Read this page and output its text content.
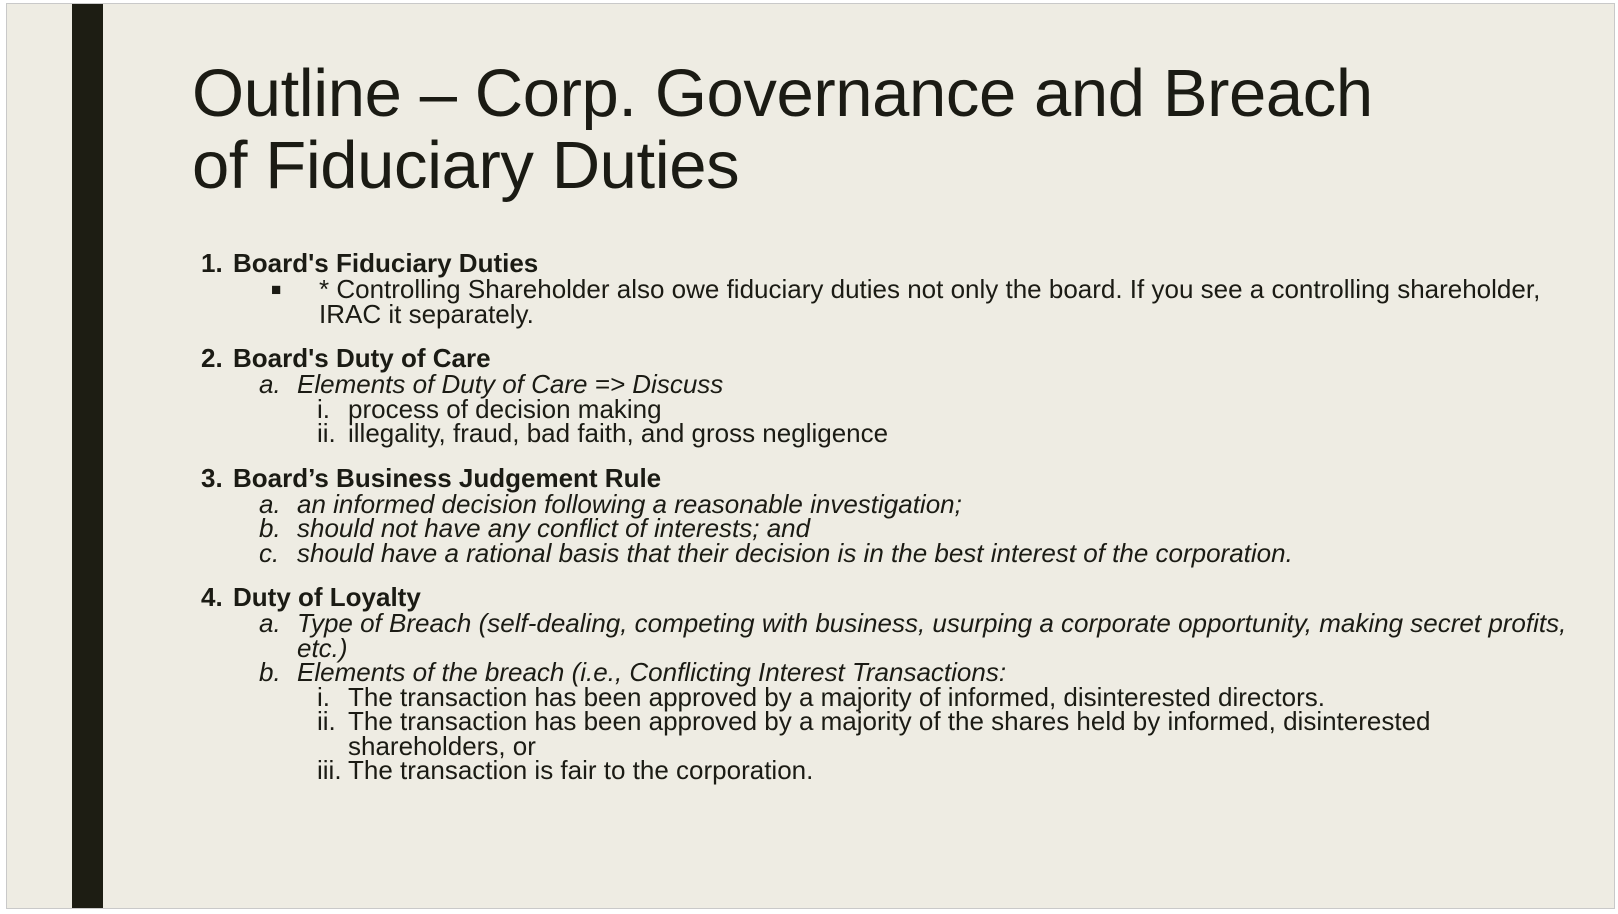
Outline – Corp. Governance and Breach
of Fiduciary Duties
1. Board's Fiduciary Duties
■	* Controlling Shareholder also owe fiduciary duties not only the board. If you see a controlling shareholder, IRAC it separately.
2. Board's Duty of Care
a. Elements of Duty of Care => Discuss
i. process of decision making
ii. illegality, fraud, bad faith, and gross negligence
3. Board’s Business Judgement Rule
a. an informed decision following a reasonable investigation;
b. should not have any conflict of interests; and
c. should have a rational basis that their decision is in the best interest of the corporation.
4. Duty of Loyalty
a. Type of Breach (self-dealing, competing with business, usurping a corporate opportunity, making secret profits, etc.)
b. Elements of the breach (i.e., Conflicting Interest Transactions:
i. The transaction has been approved by a majority of informed, disinterested directors.
ii. The transaction has been approved by a majority of the shares held by informed, disinterested shareholders, or
iii. The transaction is fair to the corporation.
